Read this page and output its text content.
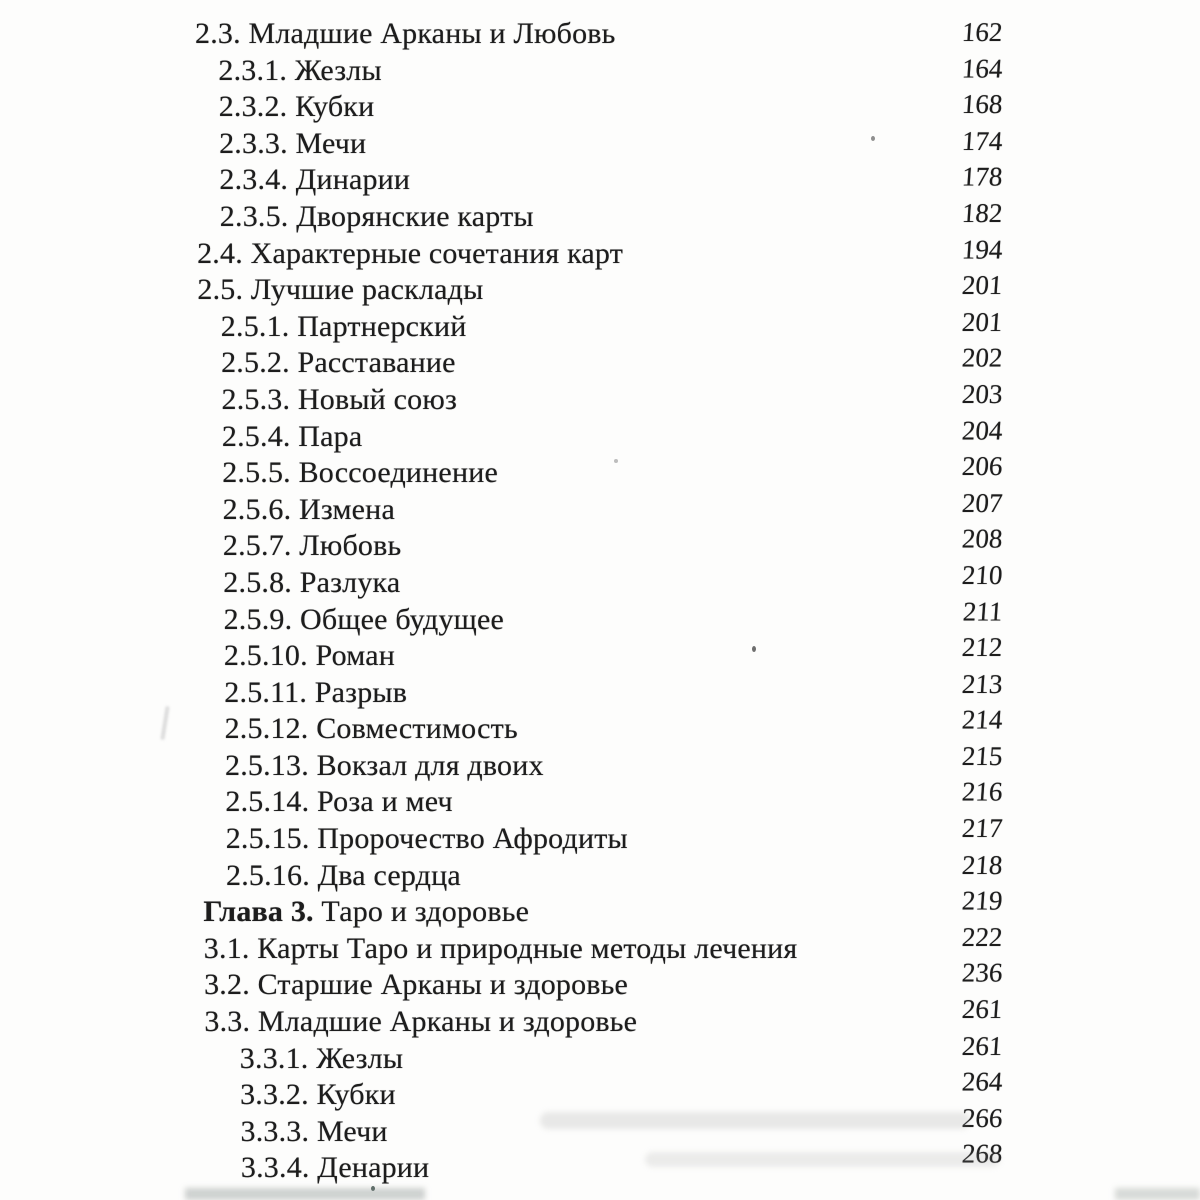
2.3. Младшие Арканы и Любовь	162
2.3.1. Жезлы	164
2.3.2. Кубки	168
2.3.3. Мечи	174
2.3.4. Динарии	178
2.3.5. Дворянские карты	182
2.4. Характерные сочетания карт	194
2.5. Лучшие расклады	201
2.5.1. Партнерский	201
2.5.2. Расставание	202
2.5.3. Новый союз	203
2.5.4. Пара	204
2.5.5. Воссоединение	206
2.5.6. Измена	207
2.5.7. Любовь	208
2.5.8. Разлука	210
2.5.9. Общее будущее	211
2.5.10. Роман	212
2.5.11. Разрыв	213
2.5.12. Совместимость	214
2.5.13. Вокзал для двоих	215
2.5.14. Роза и меч	216
2.5.15. Пророчество Афродиты	217
2.5.16. Два сердца	218
Глава 3. Таро и здоровье	219
3.1. Карты Таро и природные методы лечения	222
3.2. Старшие Арканы и здоровье	236
3.3. Младшие Арканы и здоровье	261
3.3.1. Жезлы	261
3.3.2. Кубки	264
3.3.3. Мечи	266
3.3.4. Денарии	268
